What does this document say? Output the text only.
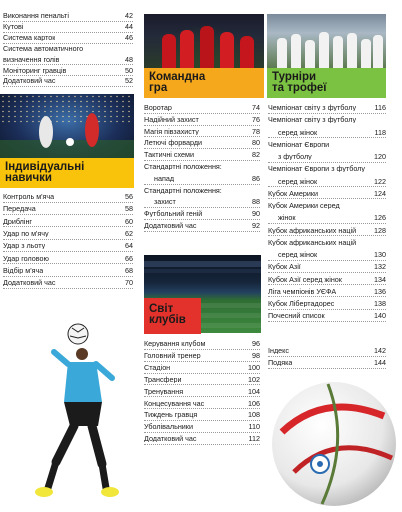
Виконання пенальті	42
Кутові	44
Система карток	46
Система автоматичного
визначення голів	48
Моніторинг гравців	50
Додатковий час	52
Контроль м'яча	56
Передача	58
Дриблінг	60
Удар по м'ячу	62
Удар з льоту	64
Удар головою	66
Відбір м'яча	68
Додатковий час	70
Воротар	74
Надійний захист	76
Магія півзахисту	78
Летючі форварди	80
Тактичні схеми	82
Стандартні положення:
напад	86
Стандартні положення:
захист	88
Футбольний геній	90
Додатковий час	92
Керування клубом	96
Головний тренер	98
Стадіон	100
Трансфери	102
Тренування	104
Концесування час	106
Тиждень гравця	108
Уболівальники	110
Додатковий час	112
Чемпіонат світу з футболу	116
Чемпіонат світу з футболу
серед жінок	118
Чемпіонат Європи
з футболу	120
Чемпіонат Європи з футболу
серед жінок	122
Кубок Америки	124
Кубок Америки серед
жінок	126
Кубок африканських націй	128
Кубок африканських націй
серед жінок	130
Кубок Азії	132
Кубок Азії серед жінок	134
Ліга чемпіонів УЄФА	136
Кубок Лібертадорес	138
Почесний список	140
Індекс	142
Подяка	144
Командна
гра
Турніри
та трофеї
Індивідуальні
навички
Світ
клубів
